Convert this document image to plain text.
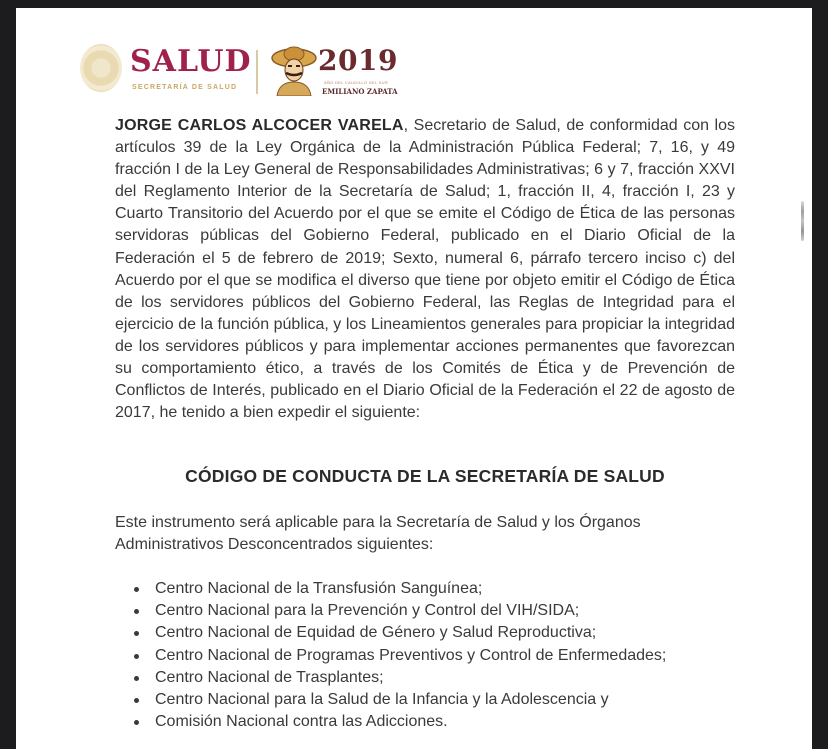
SALUD
SECRETARÍA DE SALUD
2019
AÑO DEL CAUDILLO DEL SUR
EMILIANO ZAPATA
JORGE CARLOS ALCOCER VARELA, Secretario de Salud, de conformidad con los artículos 39 de la Ley Orgánica de la Administración Pública Federal; 7, 16, y 49 fracción I de la Ley General de Responsabilidades Administrativas; 6 y 7, fracción XXVI del Reglamento Interior de la Secretaría de Salud; 1, fracción II, 4, fracción I, 23 y Cuarto Transitorio del Acuerdo por el que se emite el Código de Ética de las personas servidoras públicas del Gobierno Federal, publicado en el Diario Oficial de la Federación el 5 de febrero de 2019; Sexto, numeral 6, párrafo tercero inciso c) del Acuerdo por el que se modifica el diverso que tiene por objeto emitir el Código de Ética de los servidores públicos del Gobierno Federal, las Reglas de Integridad para el ejercicio de la función pública, y los Lineamientos generales para propiciar la integridad de los servidores públicos y para implementar acciones permanentes que favorezcan su comportamiento ético, a través de los Comités de Ética y de Prevención de Conflictos de Interés, publicado en el Diario Oficial de la Federación el 22 de agosto de 2017, he tenido a bien expedir el siguiente:
CÓDIGO DE CONDUCTA DE LA SECRETARÍA DE SALUD
Este instrumento será aplicable para la Secretaría de Salud y los Órganos Administrativos Desconcentrados siguientes:
Centro Nacional de la Transfusión Sanguínea;
Centro Nacional para la Prevención y Control del VIH/SIDA;
Centro Nacional de Equidad de Género y Salud Reproductiva;
Centro Nacional de Programas Preventivos y Control de Enfermedades;
Centro Nacional de Trasplantes;
Centro Nacional para la Salud de la Infancia y la Adolescencia y
Comisión Nacional contra las Adicciones.
